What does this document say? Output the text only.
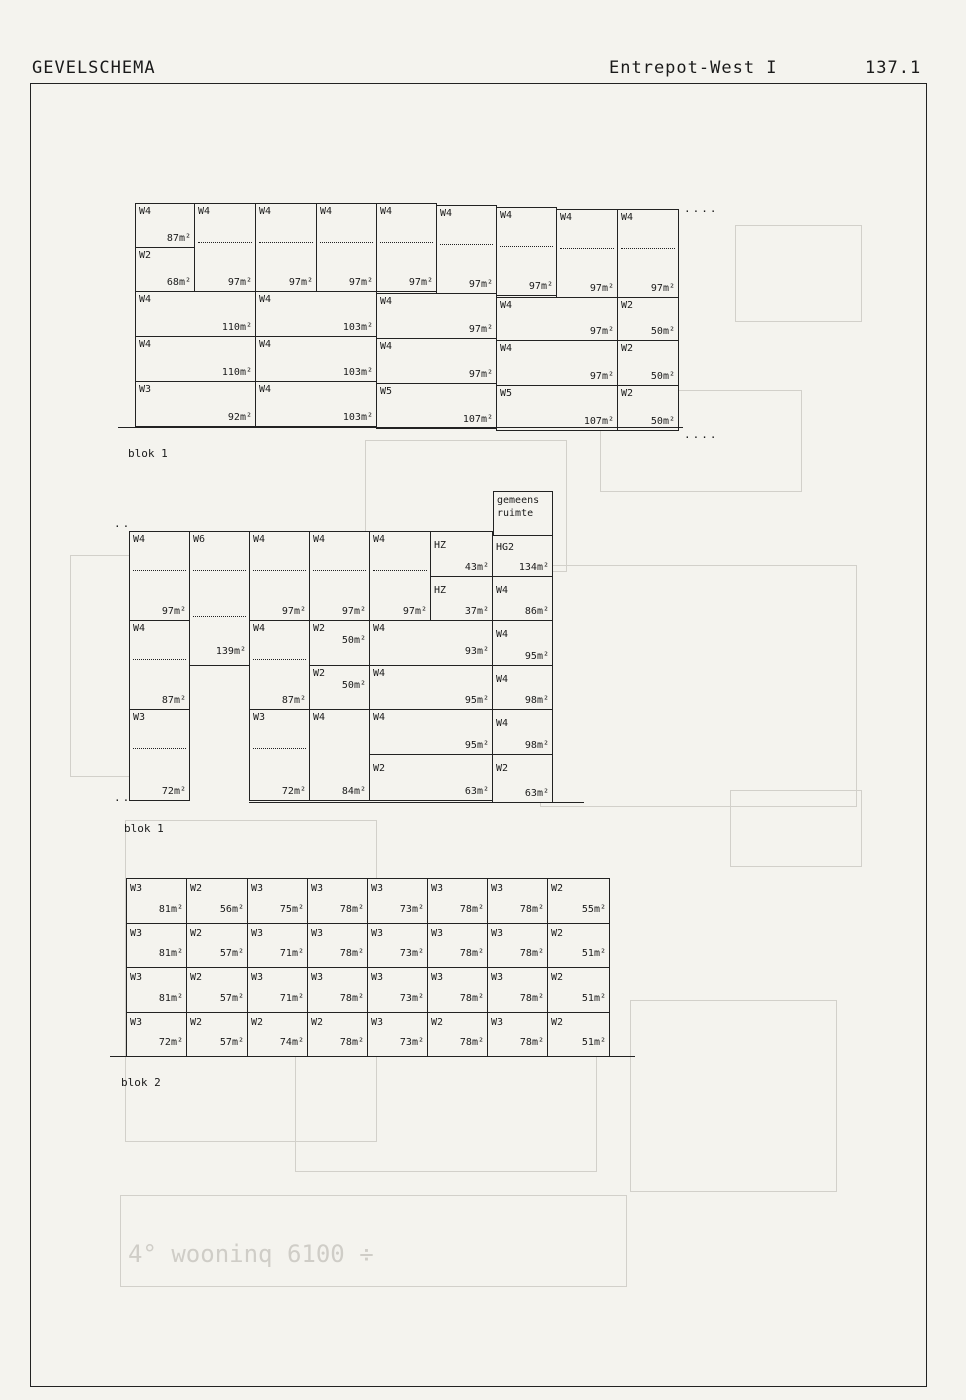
GEVELSCHEMA	Entrepot-West I	137.1
4° wooninq 6100 ÷
W4
87m²
W2
68m²
W4
97m²
W4
97m²
W4
97m²
W4
97m²
W4
97m²
W4
97m²
W4
97m²
W4
97m²
W4
110m²
W4
103m²
W4
97m²
W4
97m²
W2
50m²
W4
110m²
W4
103m²
W4
97m²
W4
97m²
W2
50m²
W3
92m²
W4
103m²
W5
107m²
W5
107m²
W2
50m²
....
....
blok 1
gemeens ruimte
W4
97m²
W4
87m²
W3
72m²
W6
139m²
W4
97m²
W4
87m²
W3
72m²
W4
97m²
W2
50m²
W2
50m²
W4
84m²
W4
97m²
HZ
43m²
HZ
37m²
W4
93m²
W4
95m²
W4
95m²
W2
63m²
HG2
134m²
W4
86m²
W4
95m²
W4
98m²
W4
98m²
W2
63m²
..
..
blok 1
W2
51m²
W3
78m²
W2
78m²
W3
73m²
W2
78m²
W2
74m²
W2
57m²
W3
72m²
W2
51m²
W3
78m²
W3
78m²
W3
73m²
W3
78m²
W3
71m²
W2
57m²
W3
81m²
W2
51m²
W3
78m²
W3
78m²
W3
73m²
W3
78m²
W3
71m²
W2
57m²
W3
81m²
W2
55m²
W3
78m²
W3
78m²
W3
73m²
W3
78m²
W3
75m²
W2
56m²
W3
81m²
blok 2
